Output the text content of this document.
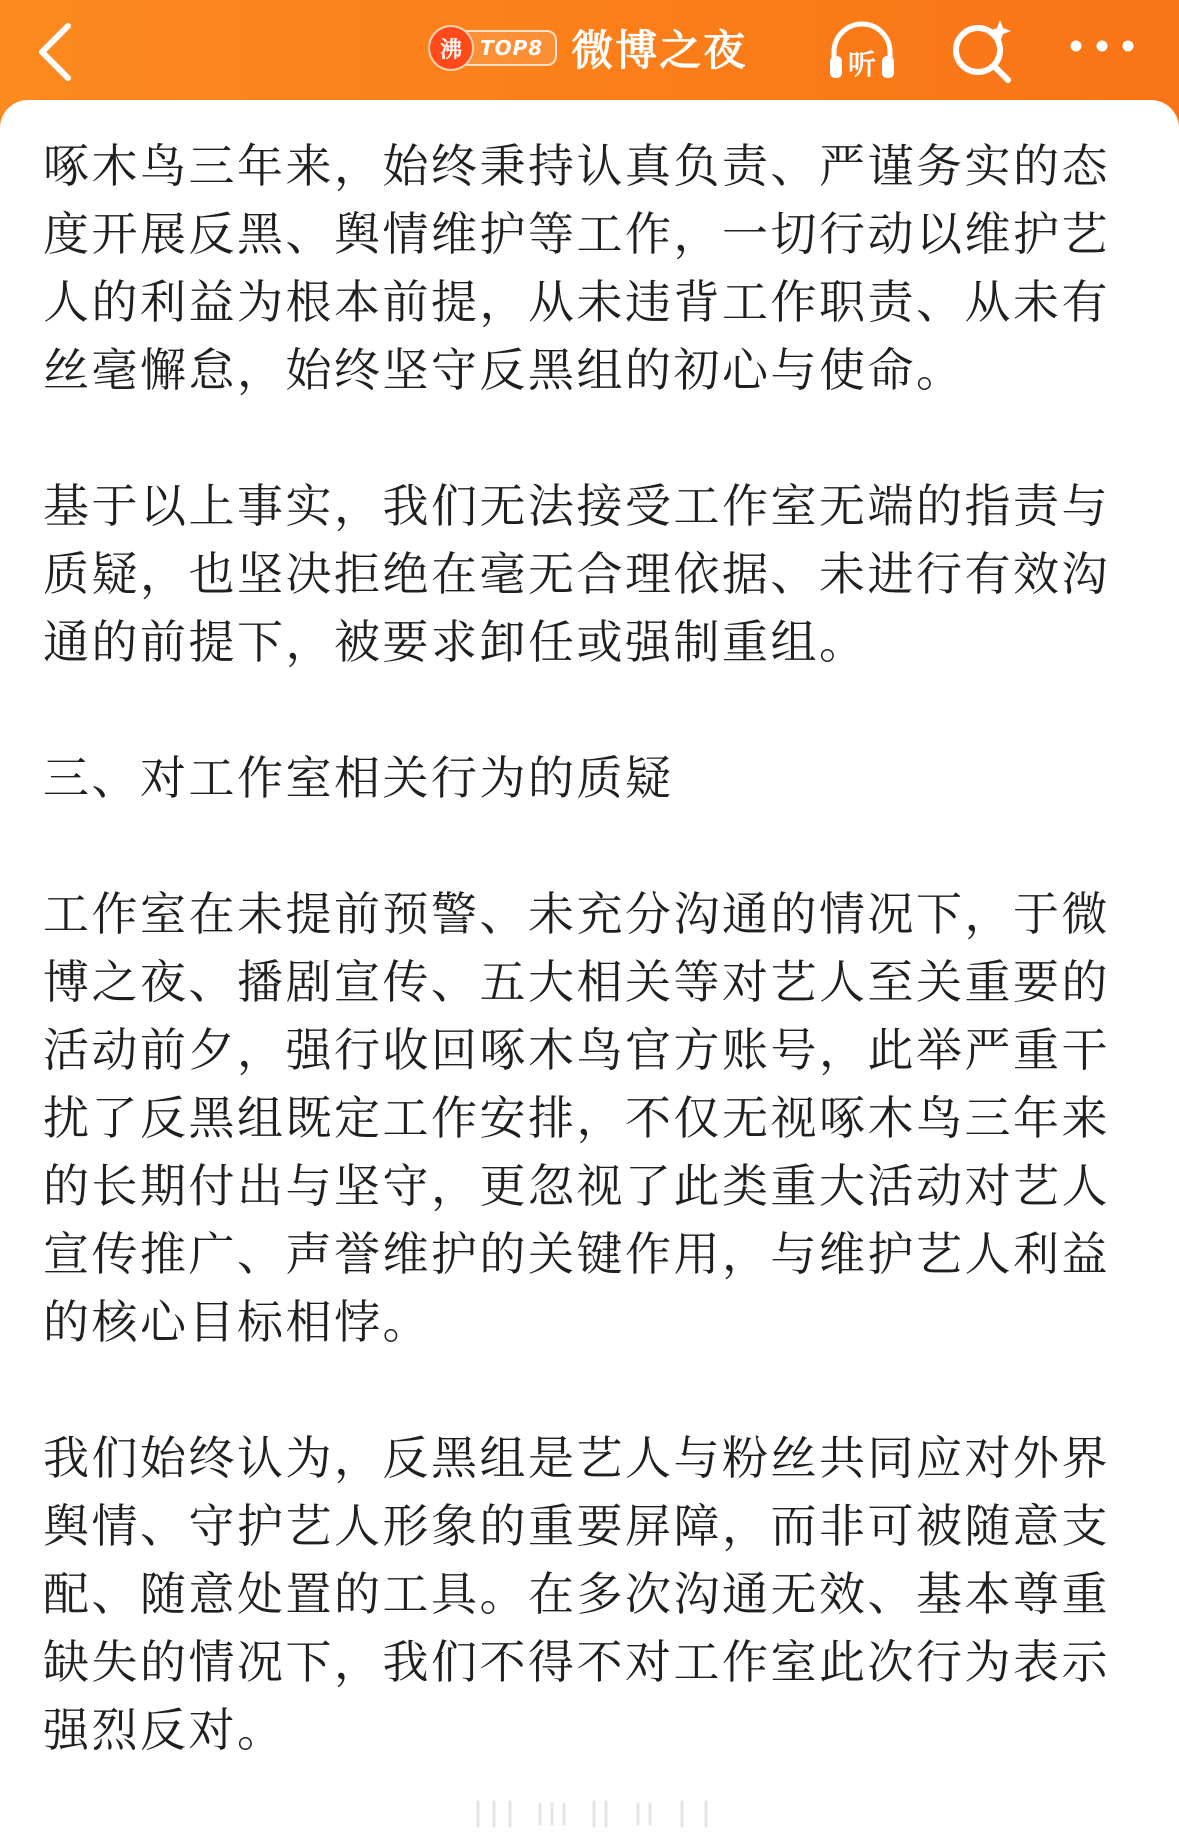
沸 TOP8 微博之夜	听

啄木鸟三年来，始终秉持认真负责、严谨务实的态
度开展反黑、舆情维护等工作，一切行动以维护艺
人的利益为根本前提，从未违背工作职责、从未有
丝毫懈怠，始终坚守反黑组的初心与使命。

基于以上事实，我们无法接受工作室无端的指责与
质疑，也坚决拒绝在毫无合理依据、未进行有效沟
通的前提下，被要求卸任或强制重组。

三、对工作室相关行为的质疑

工作室在未提前预警、未充分沟通的情况下，于微
博之夜、播剧宣传、五大相关等对艺人至关重要的
活动前夕，强行收回啄木鸟官方账号，此举严重干
扰了反黑组既定工作安排，不仅无视啄木鸟三年来
的长期付出与坚守，更忽视了此类重大活动对艺人
宣传推广、声誉维护的关键作用，与维护艺人利益
的核心目标相悖。

我们始终认为，反黑组是艺人与粉丝共同应对外界
舆情、守护艺人形象的重要屏障，而非可被随意支
配、随意处置的工具。在多次沟通无效、基本尊重
缺失的情况下，我们不得不对工作室此次行为表示
强烈反对。
